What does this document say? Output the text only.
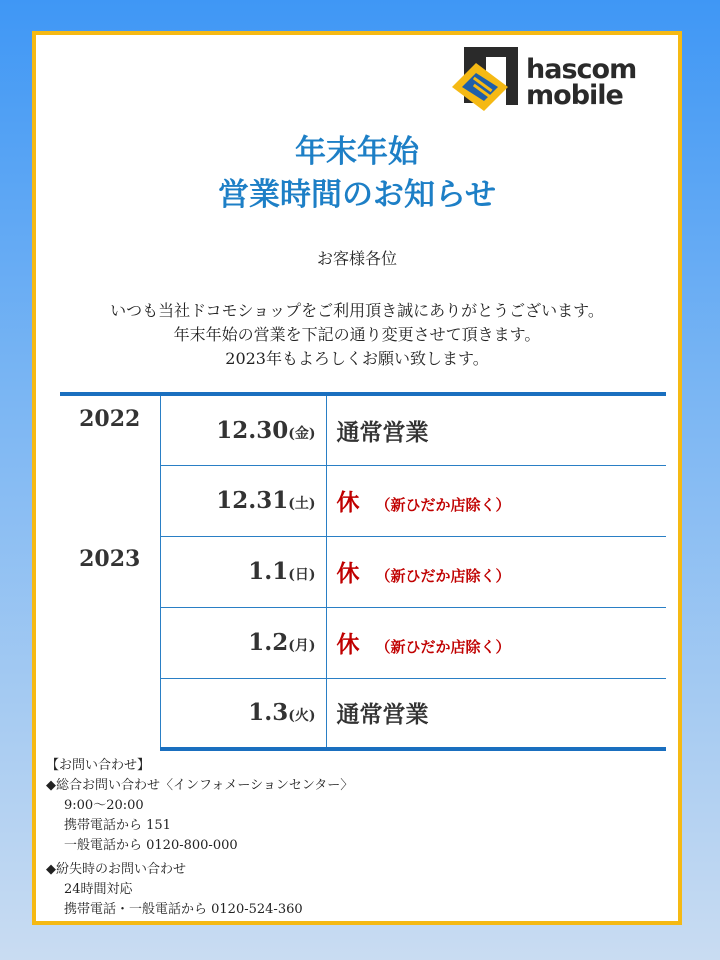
hascom
mobile
年末年始
営業時間のお知らせ
お客様各位
いつも当社ドコモショップをご利用頂き誠にありがとうございます。
年末年始の営業を下記の通り変更させて頂きます。
2023年もよろしくお願い致します。
2022	12.30(金)	通常営業
	12.31(土)	休 （新ひだか店除く）
2023	1.1(日)	休 （新ひだか店除く）
	1.2(月)	休 （新ひだか店除く）
	1.3(火)	通常営業
【お問い合わせ】
◆総合お問い合わせ〈インフォメーションセンター〉
9:00～20:00
携帯電話から 151
一般電話から 0120-800-000
◆紛失時のお問い合わせ
24時間対応
携帯電話・一般電話から 0120-524-360
